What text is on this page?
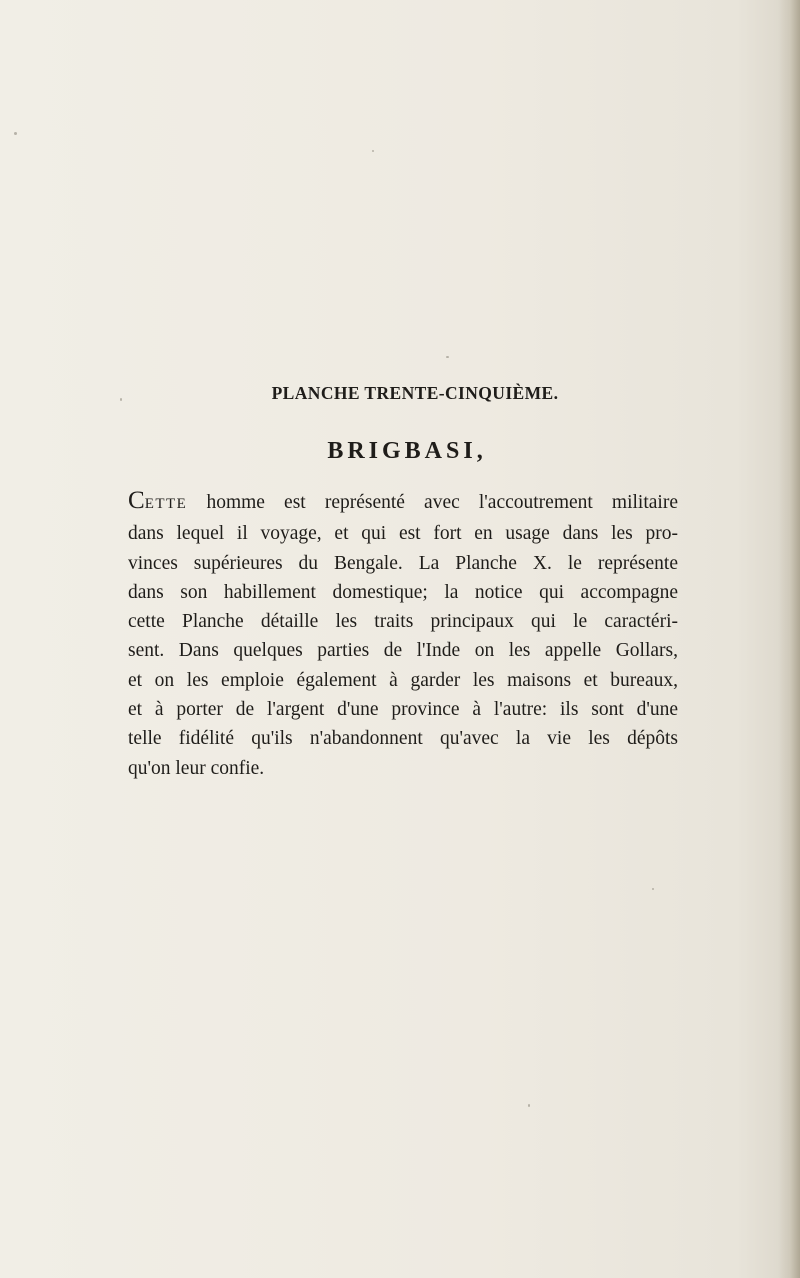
PLANCHE TRENTE-CINQUIÈME.
BRIGBASI,
CETTE homme est représenté avec l'accoutrement militaire
dans lequel il voyage, et qui est fort en usage dans les pro-
vinces supérieures du Bengale. La Planche X. le représente
dans son habillement domestique; la notice qui accompagne
cette Planche détaille les traits principaux qui le caractéri-
sent. Dans quelques parties de l'Inde on les appelle Gollars,
et on les emploie également à garder les maisons et bureaux,
et à porter de l'argent d'une province à l'autre: ils sont d'une
telle fidélité qu'ils n'abandonnent qu'avec la vie les dépôts
qu'on leur confie.
